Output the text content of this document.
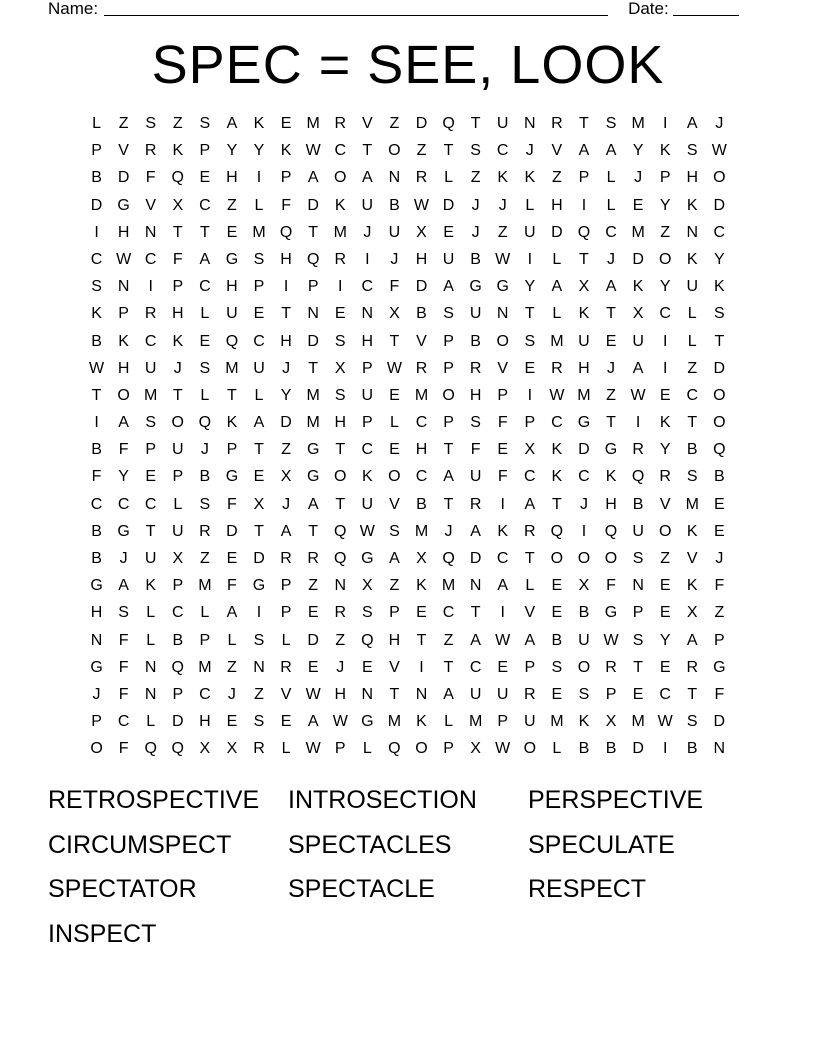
Name:	Date:
SPEC = SEE, LOOK
L	Z	S	Z	S	A	K	E M R V	Z	D Q T	U N R	T	S M	I	A	J
P	V R K	P	Y	Y	K W C	T O Z	T	S C	J	V	A	A	Y	K	S W
B D	F Q E H	I	P	A O A N R	L	Z	K	K	Z	P	L	J	P H O
D G V	X C	Z	L	F	D K U B W D	J	J	L	H	I	L	E	Y	K D
I	H N	T	T	E M Q T M	J	U X	E	J	Z	U D Q C M Z	N C
C W C	F	A G S H Q R	I	J	H U B W	I	L	T	J	D O K	Y
S N	I	P C H P	I	P	I	C	F	D A G G Y	A	X	A	K	Y U K
K	P R H	L	U E	T	N E N X	B	S U N	T	L	K	T	X C	L	S
B	K C K	E Q C H D S H	T	V	P	B O S M U E U	I	L	T
W H U	J	S M U	J	T	X	P W R P R V	E R H	J	A	I	Z	D
T O M T	L	T	L	Y M S U E M O H P	I	W M Z W E C O
I	A	S O Q K	A D M H P	L	C P	S	F	P C G T	I	K	T O
B	F	P U	J	P	T	Z G T	C E H	T	F	E	X	K D G R Y	B Q
F	Y	E	P	B G E	X G O K O C A U	F	C K C K Q R S	B
C C C	L	S	F	X	J	A	T	U V	B	T	R	I	A	T	J	H B	V M E
B G T	U R D	T	A	T Q W S M	J	A	K R Q	I	Q U O K	E
B	J	U X	Z	E D R R Q G A	X Q D C	T O O O S	Z	V	J
G A	K	P M F G P	Z	N X	Z	K M N A	L	E	X	F	N E	K	F
H S	L	C	L	A	I	P	E R S	P	E C	T	I	V	E	B G P	E	X	Z
N	F	L	B	P	L	S	L	D	Z Q H	T	Z	A W A	B U W S	Y	A	P
G F	N Q M Z	N R E	J	E	V	I	T	C E	P	S O R	T	E R G
J	F	N P C	J	Z	V W H N	T	N A U U R E	S	P	E C	T	F
P C	L	D H E	S	E	A W G M K	L M P U M K	X M W S D
O F Q Q X	X R	L W P	L	Q O P	X W O	L	B	B D	I	B N
RETROSPECTIVE	INTROSECTION	PERSPECTIVE
CIRCUMSPECT	SPECTACLES	SPECULATE
SPECTATOR	SPECTACLE	RESPECT
INSPECT
